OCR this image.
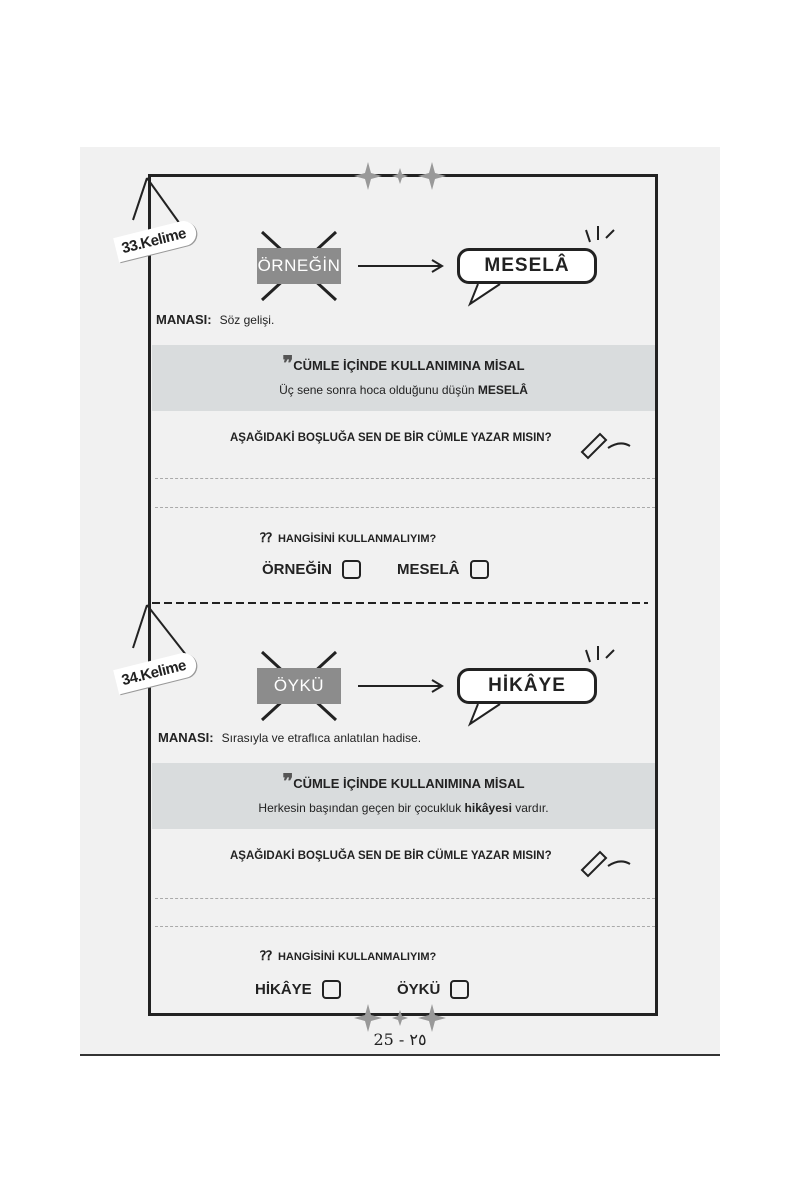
33.Kelime
ÖRNEĞİN	MESELÂ
MANASI: Söz gelişi.
❞CÜMLE İÇİNDE KULLANIMINA MİSAL
Üç sene sonra hoca olduğunu düşün MESELÂ
AŞAĞIDAKİ BOŞLUĞA SEN DE BİR CÜMLE YAZAR MISIN?
⁇ HANGİSİNİ KULLANMALIYIM?
ÖRNEĞİN	MESELÂ
34.Kelime	ÖYKÜ	HİKÂYE
MANASI: Sırasıyla ve etraflıca anlatılan hadise.
❞CÜMLE İÇİNDE KULLANIMINA MİSAL
Herkesin başından geçen bir çocukluk hikâyesi vardır.
AŞAĞIDAKİ BOŞLUĞA SEN DE BİR CÜMLE YAZAR MISIN?
⁇ HANGİSİNİ KULLANMALIYIM?
HİKÂYE	ÖYKÜ
25 - ٢٥
